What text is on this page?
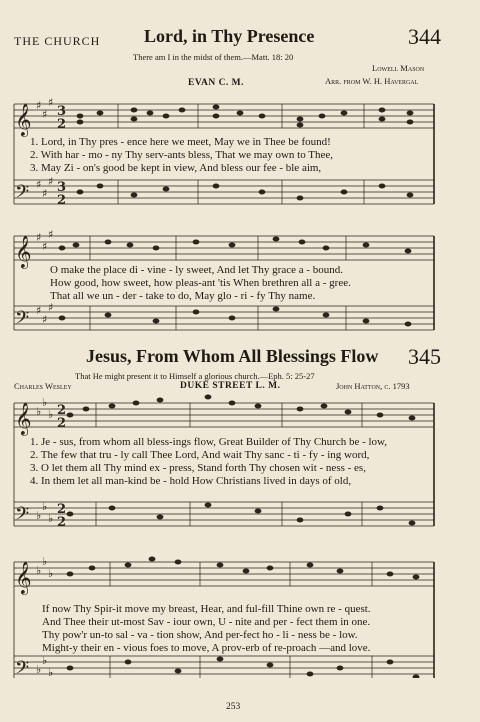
THE CHURCH Lord, in Thy Presence	344
There am I in the midst of them.—Matt. 18: 20
Lowell Mason
EVAN C. M.	Arr. from W. H. Havergal
𝄞
𝄢
𝄞
𝄢
𝄞
𝄢
𝄞
𝄢
♯
♯
♯
♯
♯
♯
♯
♯
♯
♯
♯
♯
3
2
3
2
♭
♭
♭
♭
♭
♭
♭
♭
♭
♭
♭
♭
2
2
2
2
1. Lord, in Thy pres - ence here we meet, May we in Thee be found!
2. With har - mo - ny Thy serv-ants bless, That we may own to Thee,
3. May Zi - on's good be kept in view, And bless our fee - ble aim,
O make the place di - vine - ly sweet, And let Thy grace a - bound.
How good, how sweet, how pleas-ant 'tis When brethren all a - gree.
That all we un - der - take to do, May glo - ri - fy Thy name.
Jesus, From Whom All Blessings Flow 345
That He might present it to Himself a glorious church.—Eph. 5: 25-27
Charles Wesley	DUKE STREET L. M.	John Hatton, c. 1793
1. Je - sus, from whom all bless-ings flow, Great Builder of Thy Church be - low,
2. The few that tru - ly call Thee Lord, And wait Thy sanc - ti - fy - ing word,
3. O let them all Thy mind ex - press, Stand forth Thy chosen wit - ness - es,
4. In them let all man-kind be - hold How Christians lived in days of old,
If now Thy Spir-it move my breast, Hear, and ful-fill Thine own re - quest.
And Thee their ut-most Sav - iour own, U - nite and per - fect them in one.
Thy pow'r un-to sal - va - tion show, And per-fect ho - li - ness be - low.
Might-y their en - vious foes to move, A prov-erb of re-proach —and love.
253
